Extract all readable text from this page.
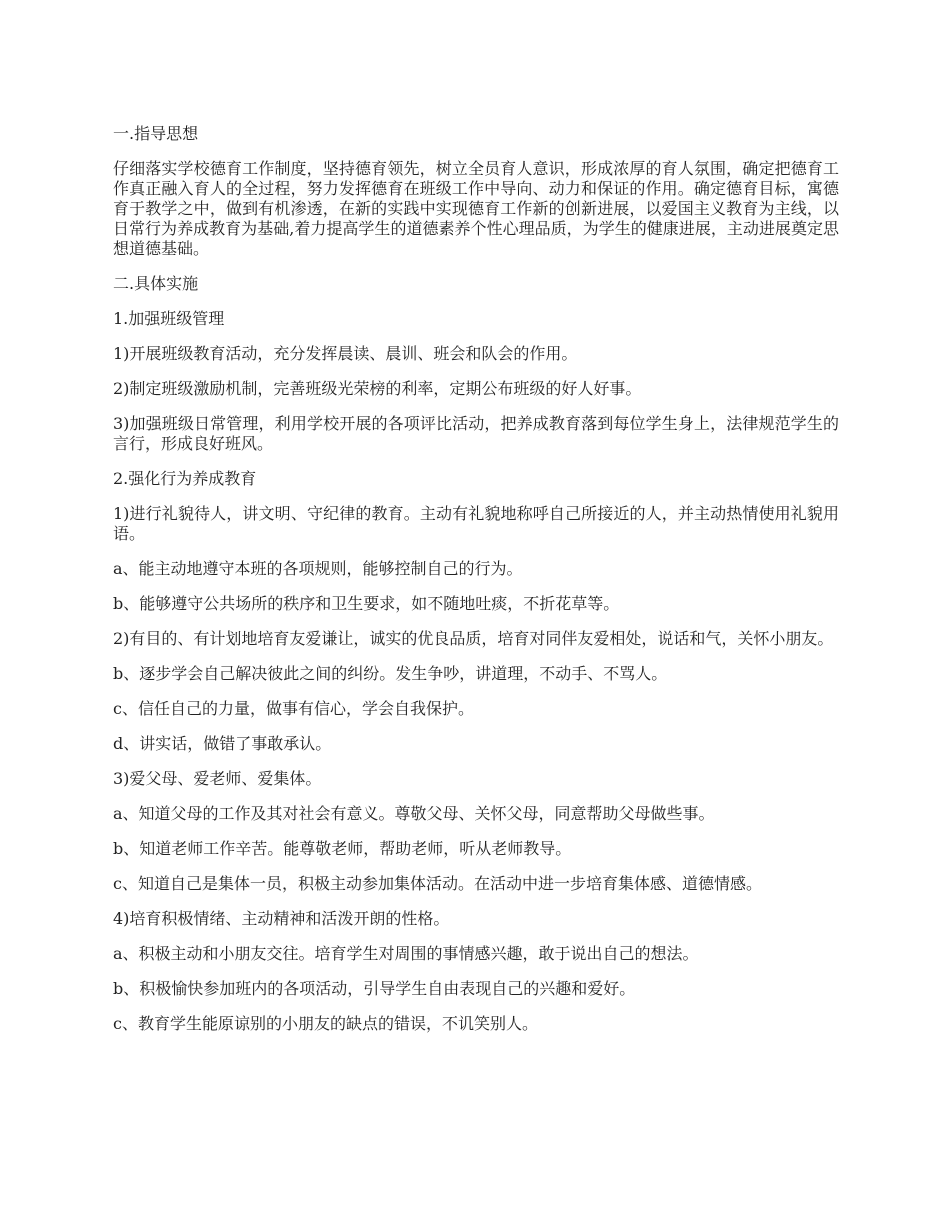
一.指导思想

仔细落实学校德育工作制度，坚持德育领先，树立全员育人意识，形成浓厚的育人氛围，确定把德育工作真正融入育人的全过程，努力发挥德育在班级工作中导向、动力和保证的作用。确定德育目标，寓德育于教学之中，做到有机渗透，在新的实践中实现德育工作新的创新进展，以爱国主义教育为主线，以日常行为养成教育为基础,着力提高学生的道德素养个性心理品质，为学生的健康进展，主动进展奠定思想道德基础。

二.具体实施

1.加强班级管理

1)开展班级教育活动，充分发挥晨读、晨训、班会和队会的作用。

2)制定班级激励机制，完善班级光荣榜的利率，定期公布班级的好人好事。

3)加强班级日常管理，利用学校开展的各项评比活动，把养成教育落到每位学生身上，法律规范学生的言行，形成良好班风。

2.强化行为养成教育

1)进行礼貌待人，讲文明、守纪律的教育。主动有礼貌地称呼自己所接近的人，并主动热情使用礼貌用语。

a、能主动地遵守本班的各项规则，能够控制自己的行为。

b、能够遵守公共场所的秩序和卫生要求，如不随地吐痰，不折花草等。

2)有目的、有计划地培育友爱谦让，诚实的优良品质，培育对同伴友爱相处，说话和气，关怀小朋友。

b、逐步学会自己解决彼此之间的纠纷。发生争吵，讲道理，不动手、不骂人。

c、信任自己的力量，做事有信心，学会自我保护。

d、讲实话，做错了事敢承认。

3)爱父母、爱老师、爱集体。

a、知道父母的工作及其对社会有意义。尊敬父母、关怀父母，同意帮助父母做些事。

b、知道老师工作辛苦。能尊敬老师，帮助老师，听从老师教导。

c、知道自己是集体一员，积极主动参加集体活动。在活动中进一步培育集体感、道德情感。

4)培育积极情绪、主动精神和活泼开朗的性格。

a、积极主动和小朋友交往。培育学生对周围的事情感兴趣，敢于说出自己的想法。

b、积极愉快参加班内的各项活动，引导学生自由表现自己的兴趣和爱好。

c、教育学生能原谅别的小朋友的缺点的错误，不讥笑别人。
